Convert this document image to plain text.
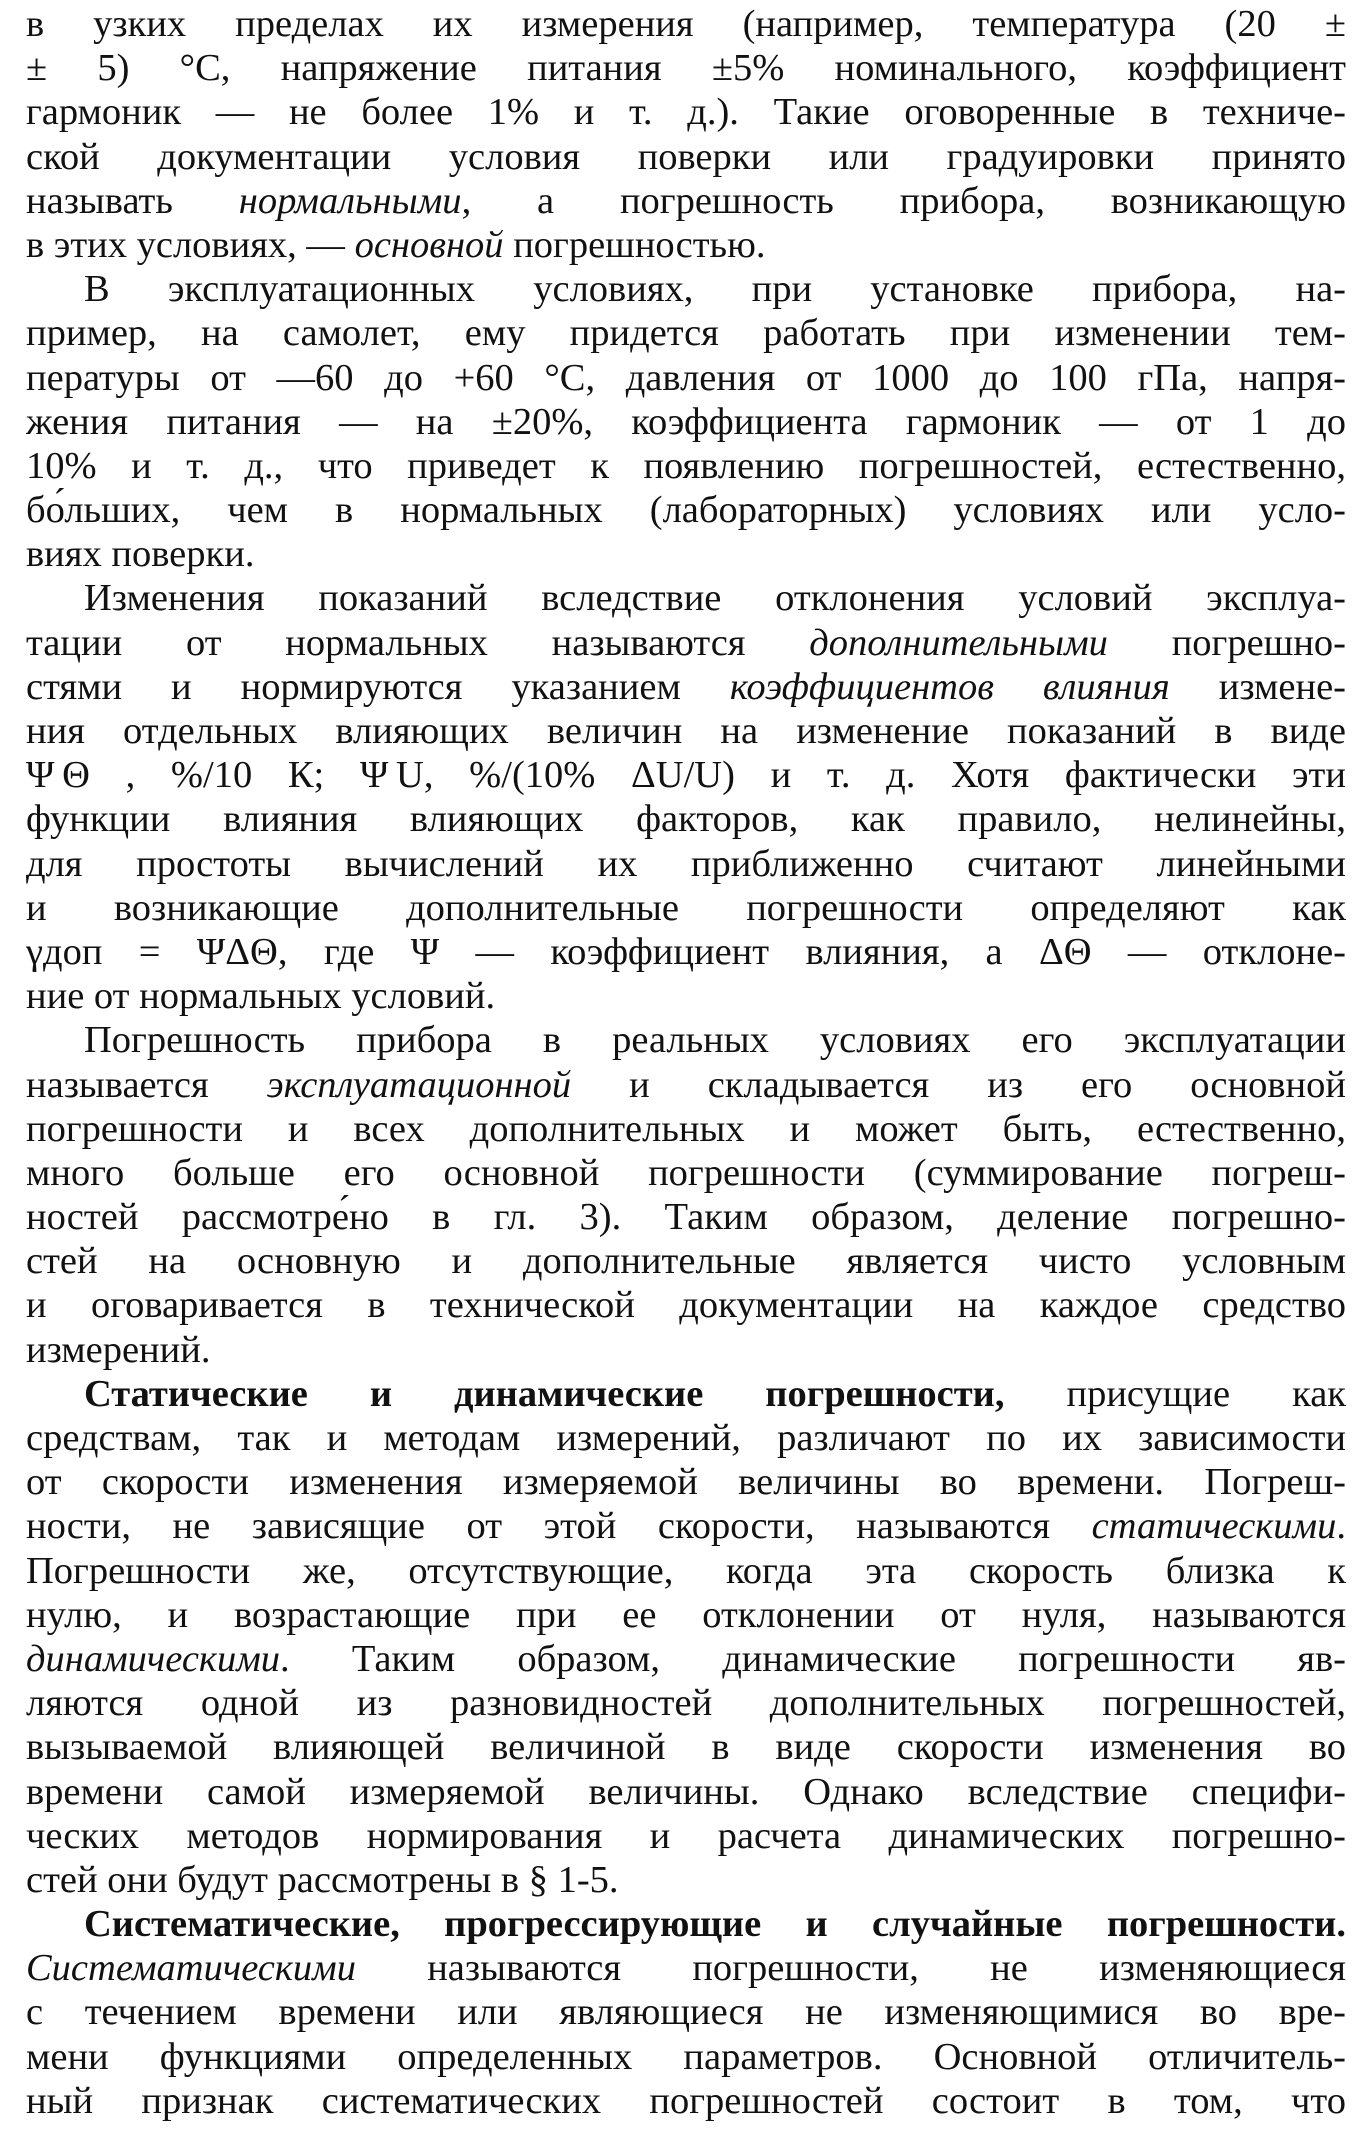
в узких пределах их измерения (например, температура (20 ±
± 5) °С, напряжение питания ±5% номинального, коэффициент
гармоник — не более 1% и т. д.). Такие оговоренные в техниче-
ской документации условия поверки или градуировки принято
называть нормальными, а погрешность прибора, возникающую
в этих условиях, — основной погрешностью.
В эксплуатационных условиях, при установке прибора, на-
пример, на самолет, ему придется работать при изменении тем-
пературы от —60 до +60 °С, давления от 1000 до 100 гПа, напря-
жения питания — на ±20%, коэффициента гармоник — от 1 до
10% и т. д., что приведет к появлению погрешностей, естественно,
бо́льших, чем в нормальных (лабораторных) условиях или усло-
виях поверки.
Изменения показаний вследствие отклонения условий эксплуа-
тации от нормальных называются дополнительными погрешно-
стями и нормируются указанием коэффициентов влияния измене-
ния отдельных влияющих величин на изменение показаний в виде
Ψ Θ , %/10 К; Ψ U, %/(10% ΔU/U) и т. д. Хотя фактически эти
функции влияния влияющих факторов, как правило, нелинейны,
для простоты вычислений их приближенно считают линейными
и возникающие дополнительные погрешности определяют как
γдоп = ΨΔΘ, где Ψ — коэффициент влияния, а ΔΘ — отклоне-
ние от нормальных условий.
Погрешность прибора в реальных условиях его эксплуатации
называется эксплуатационной и складывается из его основной
погрешности и всех дополнительных и может быть, естественно,
много больше его основной погрешности (суммирование погреш-
ностей рассмотре́но в гл. 3). Таким образом, деление погрешно-
стей на основную и дополнительные является чисто условным
и оговаривается в технической документации на каждое средство
измерений.
Статические и динамические погрешности, присущие как
средствам, так и методам измерений, различают по их зависимости
от скорости изменения измеряемой величины во времени. Погреш-
ности, не зависящие от этой скорости, называются статическими.
Погрешности же, отсутствующие, когда эта скорость близка к
нулю, и возрастающие при ее отклонении от нуля, называются
динамическими. Таким образом, динамические погрешности яв-
ляются одной из разновидностей дополнительных погрешностей,
вызываемой влияющей величиной в виде скорости изменения во
времени самой измеряемой величины. Однако вследствие специфи-
ческих методов нормирования и расчета динамических погрешно-
стей они будут рассмотрены в § 1-5.
Систематические, прогрессирующие и случайные погрешности.
Систематическими называются погрешности, не изменяющиеся
с течением времени или являющиеся не изменяющимися во вре-
мени функциями определенных параметров. Основной отличитель-
ный признак систематических погрешностей состоит в том, что
